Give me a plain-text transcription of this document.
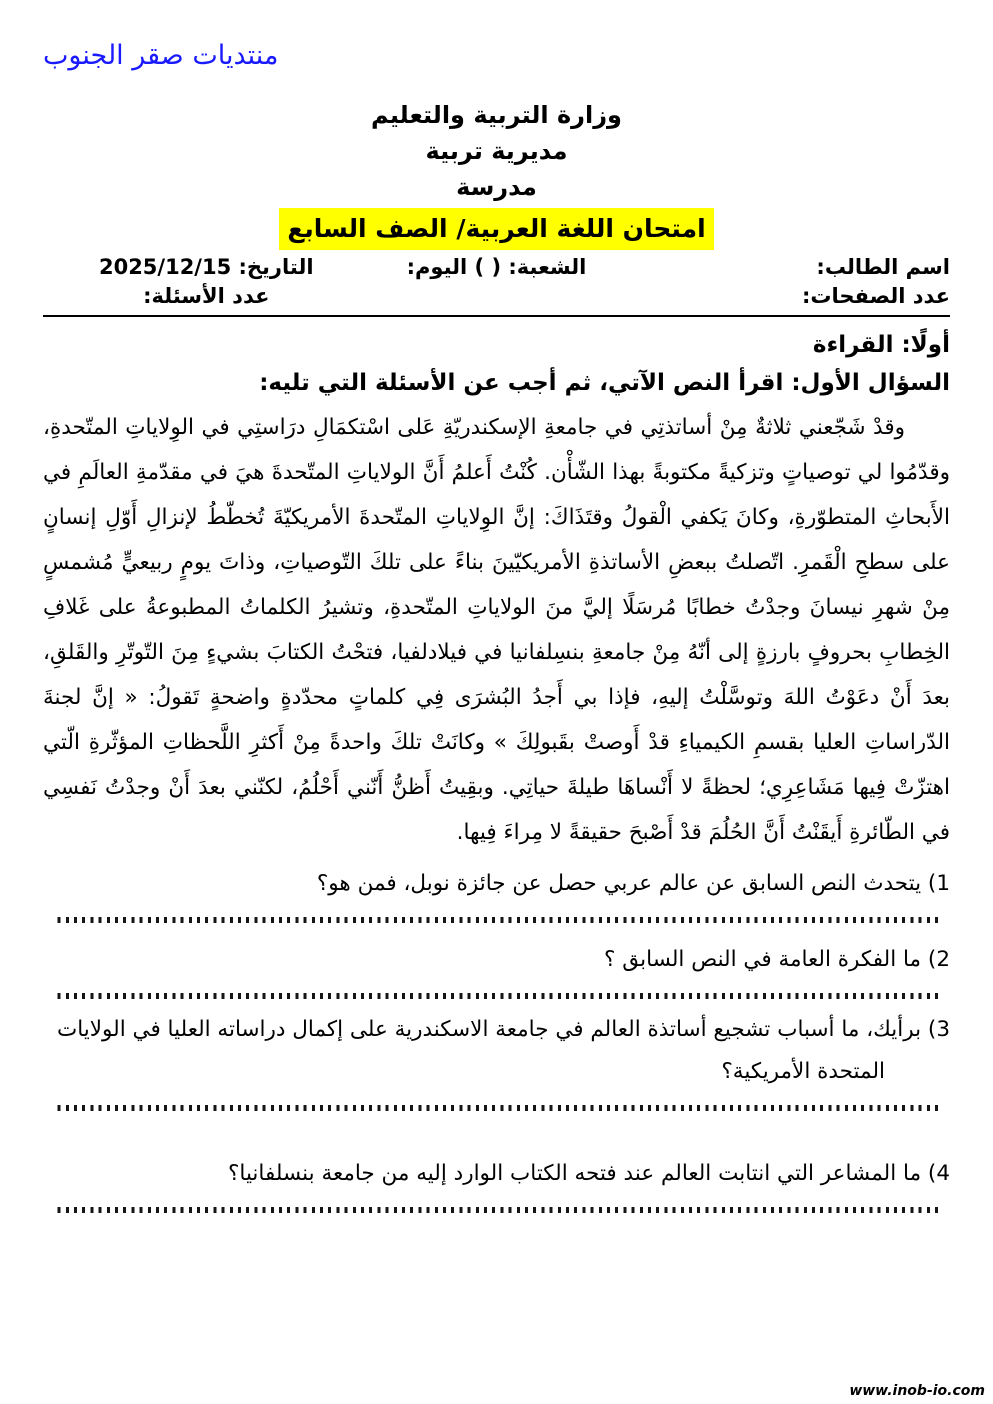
منتديات صقر الجنوب
وزارة التربية والتعليم
مديرية تربية
مدرسة
امتحان اللغة العربية/ الصف السابع
اسم الطالب:
الشعبة: ( ) اليوم:
التاريخ: 2025/12/15
عدد الصفحات:
عدد الأسئلة:
أولًا: القراءة
السؤال الأول: اقرأ النص الآتي، ثم أجب عن الأسئلة التي تليه:

وقدْ شَجّعني ثلاثةٌ مِنْ أساتذتِي في جامعةِ الإسكندريّةِ عَلى اسْتكمَالِ درَاستِي في الوِلاياتِ المتّحدةِ، وقدّمُوا لي توصياتٍ وتزكيةً مكتوبةً بهذا الشّأْن. كُنْتُ أَعلمُ أَنَّ الولاياتِ المتّحدةَ هيَ في مقدّمةِ العالَمِ في الأَبحاثِ المتطوّرةِ، وكانَ يَكفي الْقولُ وقتَذَاكَ: إنَّ الوِلاياتِ المتّحدةَ الأمريكيّةَ تُخطّطُ لإنزالِ أَوّلِ إنسانٍ على سطحِ الْقَمرِ. اتّصلتُ ببعضِ الأساتذةِ الأمريكيّينَ بناءً على تلكَ التّوصياتِ، وذاتَ يومٍ ربيعيٍّ مُشمسٍ مِنْ شهرِ نيسانَ وجدْتُ خطابًا مُرسَلًا إليَّ منَ الولاياتِ المتّحدةِ، وتشيرُ الكلماتُ المطبوعةُ على غَلافِ الخِطابِ بحروفٍ بارزةٍ إلى أنّهُ مِنْ جامعةِ بنسِلفانيا في فيلادلفيا، فتحْتُ الكتابَ بشيءٍ مِنَ التّوتّرِ والقَلقِ، بعدَ أَنْ دعَوْتُ اللهَ وتوسَّلْتُ إليهِ، فإذا بي أَجدُ البُشرَى فِي كلماتٍ محدّدةٍ واضحةٍ تَقولُ: « إنَّ لجنةَ الدّراساتِ العليا بقسمِ الكيمياءِ قدْ أَوصتْ بقَبولِكَ » وكانَتْ تلكَ واحدةً مِنْ أَكثرِ اللَّحظاتِ المؤثّرةِ الّتي اهتزّتْ فِيها مَشَاعِرِي؛ لحظةً لا أَنْساهَا طيلةَ حياتِي. وبقِيتُ أَظنُّ أَنّني أَحْلُمُ، لكنّني بعدَ أَنْ وجدْتُ نَفسِي في الطّائرةِ أَيقَنْتُ أَنَّ الحُلُمَ قدْ أَصْبحَ حقيقةً لا مِراءَ فِيها.

1) يتحدث النص السابق عن عالم عربي حصل عن جائزة نوبل، فمن هو؟
2) ما الفكرة العامة في النص السابق ؟
3) برأيك، ما أسباب تشجيع أساتذة العالم في جامعة الاسكندرية على إكمال دراساته العليا في الولايات المتحدة الأمريكية؟
4) ما المشاعر التي انتابت العالم عند فتحه الكتاب الوارد إليه من جامعة بنسلفانيا؟
www.inob-io.com
